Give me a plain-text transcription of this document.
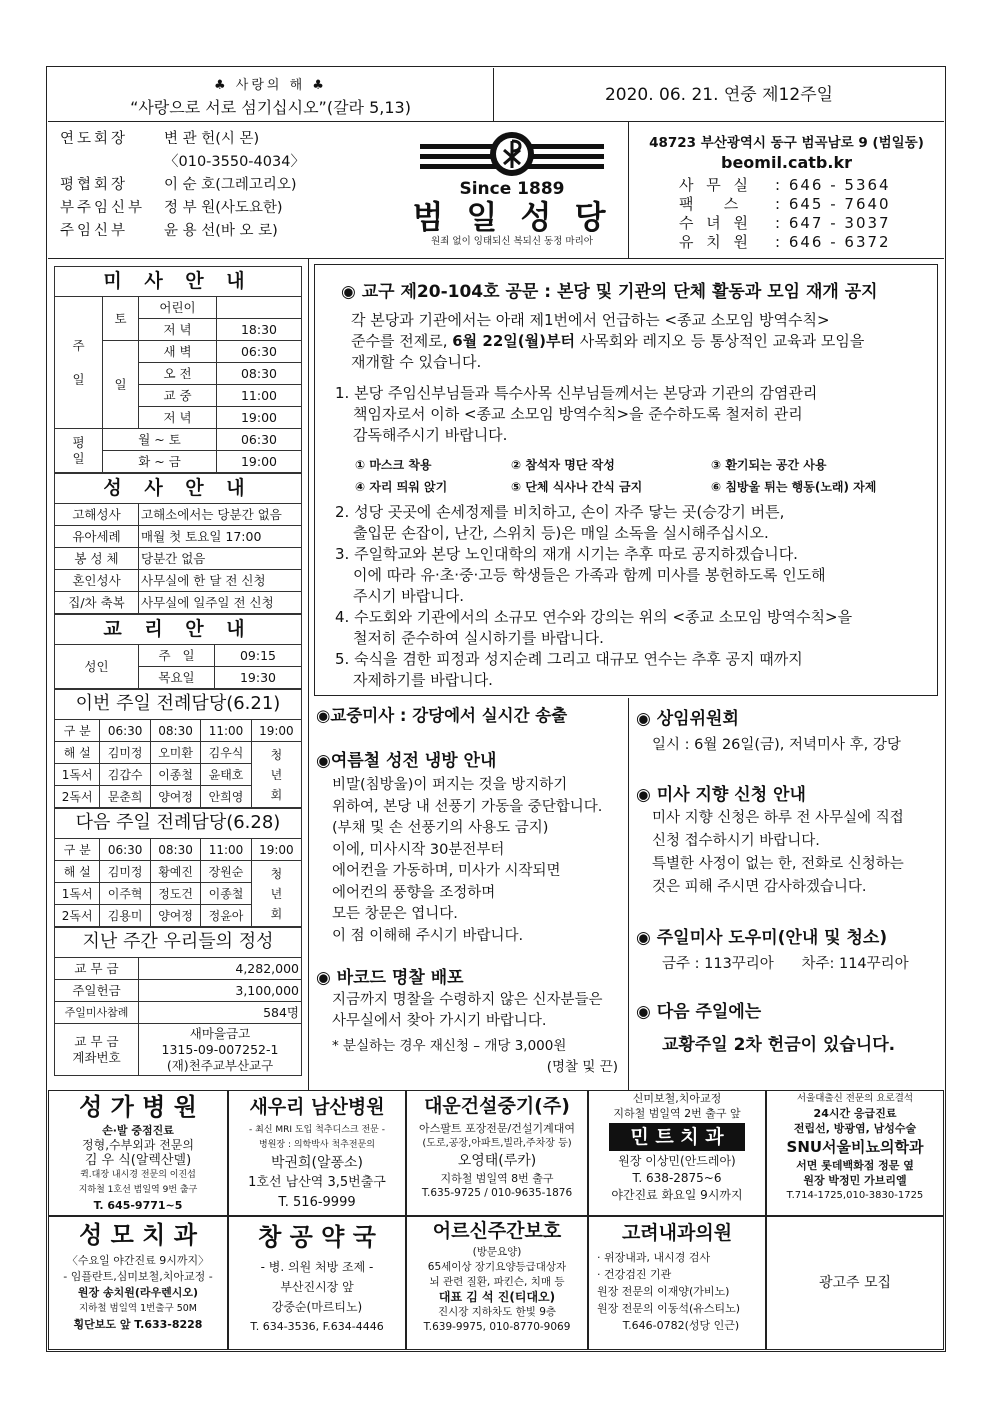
♣ 사랑의 해 ♣
“사랑으로 서로 섬기십시오”(갈라 5,13)
2020. 06. 21. 연중 제12주일
연도회장	변 관 헌(시 몬)
〈010-3550-4034〉
평협회장	이 순 호(그레고리오)
부주임신부	정 부 원(사도요한)
주임신부	윤 용 선(바 오 로)
Since 1889
범 일 성 당
원죄 없이 잉태되신 복되신 동정 마리아
48723 부산광역시 동구 범곡남로 9 (범일동)
beomil.catb.kr
사 무 실	: 646 - 5364
팩   스	: 645 - 7640
수 녀 원	: 647 - 3037
유 치 원	: 646 - 6372
미 사 안 내
주
일	토	어린이	
		저 녁	18:30
	일	새 벽	06:30
		오 전	08:30
		교 중	11:00
		저 녁	19:00
평
일	월 ~ 토		06:30
	화 ~ 금		19:00
성 사 안 내
고해성사	고해소에서는 당분간 없음
유아세례	매월 첫 토요일 17:00
봉 성 체	당분간 없음
혼인성사	사무실에 한 달 전 신청
집/차 축복	사무실에 일주일 전 신청
교 리 안 내
성인	주   일	09:15
	목요일	19:30
이번 주일 전례담당(6.21)
구 분	06:30	08:30	11:00	19:00
해 설	김미정	오미환	김우식	청
년
회
1독서	김갑수	이종철	윤태호	
2독서	문춘희	양여정	안희영	
다음 주일 전례담당(6.28)
구 분	06:30	08:30	11:00	19:00
해 설	김미정	황예진	장원순	청
년
회
1독서	이주혁	정도건	이종철	
2독서	김용미	양여정	정윤아	
지난 주간 우리들의 정성
교 무 금	4,282,000
주일헌금	3,100,000
주일미사참례	584명
교 무 금
계좌번호	새마을금고
1315-09-007252-1
(재)천주교부산교구
◉ 교구 제20-104호 공문 : 본당 및 기관의 단체 활동과 모임 재개 공지
각 본당과 기관에서는 아래 제1번에서 언급하는 <종교 소모임 방역수칙>
준수를 전제로, 6월 22일(월)부터 사목회와 레지오 등 통상적인 교육과 모임을
재개할 수 있습니다.
1. 본당 주임신부님들과 특수사목 신부님들께서는 본당과 기관의 감염관리
책임자로서 이하 <종교 소모임 방역수칙>을 준수하도록 철저히 관리
감독해주시기 바랍니다.
① 마스크 착용	② 참석자 명단 작성	③ 환기되는 공간 사용
④ 자리 띄워 앉기	⑤ 단체 식사나 간식 금지	⑥ 침방울 튀는 행동(노래) 자제
2. 성당 곳곳에 손세정제를 비치하고, 손이 자주 닿는 곳(승강기 버튼,
출입문 손잡이, 난간, 스위치 등)은 매일 소독을 실시해주십시오.
3. 주일학교와 본당 노인대학의 재개 시기는 추후 따로 공지하겠습니다.
이에 따라 유·초·중·고등 학생들은 가족과 함께 미사를 봉헌하도록 인도해
주시기 바랍니다.
4. 수도회와 기관에서의 소규모 연수와 강의는 위의 <종교 소모임 방역수칙>을
철저히 준수하여 실시하기를 바랍니다.
5. 숙식을 겸한 피정과 성지순례 그리고 대규모 연수는 추후 공지 때까지
자제하기를 바랍니다.
◉교중미사 : 강당에서 실시간 송출
◉여름철 성전 냉방 안내
비말(침방울)이 퍼지는 것을 방지하기
위하여, 본당 내 선풍기 가동을 중단합니다.
(부채 및 손 선풍기의 사용도 금지)
이에, 미사시작 30분전부터
에어컨을 가동하며, 미사가 시작되면
에어컨의 풍향을 조정하며
모든 창문은 엽니다.
이 점 이해해 주시기 바랍니다.
◉ 바코드 명찰 배포
지금까지 명찰을 수령하지 않은 신자분들은
사무실에서 찾아 가시기 바랍니다.
* 분실하는 경우 재신청 – 개당 3,000원
(명찰 및 끈)
◉ 상임위원회
일시 : 6월 26일(금), 저녁미사 후, 강당
◉ 미사 지향 신청 안내
미사 지향 신청은 하루 전 사무실에 직접
신청 접수하시기 바랍니다.
특별한 사정이 없는 한, 전화로 신청하는
것은 피해 주시면 감사하겠습니다.
◉ 주일미사 도우미(안내 및 청소)
금주 : 113꾸리아      차주: 114꾸리아
◉ 다음 주일에는
교황주일 2차 헌금이 있습니다.
성 가 병 원
손·발 중점진료
정형,수부외과 전문의
김 우 식(알렉산델)
퀵.대장 내시경 전문의 이진섭
지하철 1호선 범일역 9번 출구
T. 645-9771~5
새우리 남산병원
- 최신 MRI 도입 척추디스크 전문 -
병원장 : 의학박사 척추전문의
박권희(알퐁소)
1호선 남산역 3,5번출구
T. 516-9999
대운건설중기(주)
아스팔트 포장전문/건설기계대여
(도로,공장,아파트,빌라,주차장 등)
오영태(루카)
지하철 범일역 8번 출구
T.635-9725 / 010-9635-1876
신미보철,치아교정
지하철 범일역 2번 출구 앞
민 트 치 과
원장 이상민(안드레아)
T. 638-2875~6
야간진료 화요일 9시까지
서울대출신 전문의 요로결석
24시간 응급진료
전립선, 방광염, 남성수술
SNU서울비뇨의학과
서면 롯데백화점 정문 옆
원장 박정민 가브리엘
T.714-1725,010-3830-1725
성 모 치 과
〈수요일 야간진료 9시까지〉
- 임플란트,심미보철,치아교정 -
원장 송치원(라우렌시오)
지하철 범일역 1번출구 50M
횡단보도 앞 T.633-8228
창 공 약 국
- 병. 의원 처방 조제 -
부산진시장 앞
강중순(마르티노)
T. 634-3536, F.634-4446
어르신주간보호
(방문요양)
65세이상 장기요양등급대상자
뇌 관련 질환, 파킨슨, 치매 등
대표 김 석 진(티대오)
진시장 지하차도 한빛 9층
T.639-9975, 010-8770-9069
고려내과의원
· 위장내과, 내시경 검사
· 건강검진 기관
원장 전문의 이재양(가비노)
원장 전문의 이동석(유스티노)
T.646-0782(성당 인근)
광고주 모집
